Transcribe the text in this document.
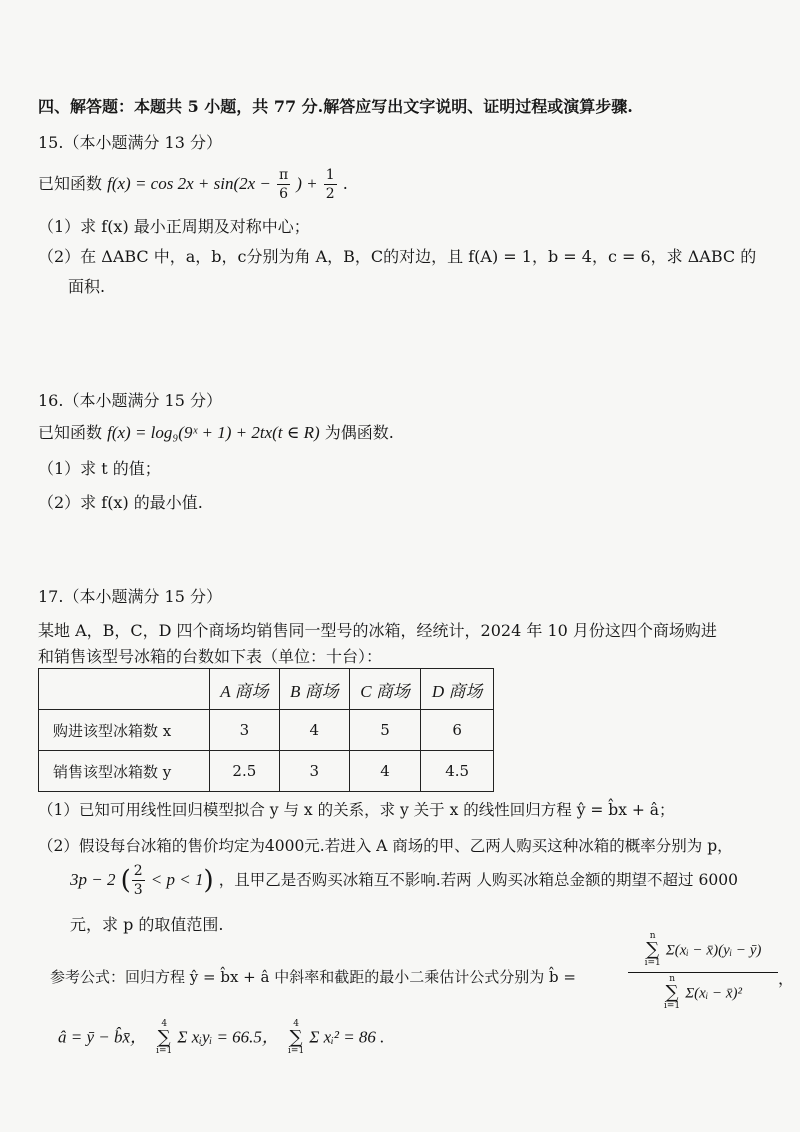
四、解答题：本题共 5 小题，共 77 分.解答应写出文字说明、证明过程或演算步骤.
15.（本小题满分 13 分）
已知函数 $f(x) = \cos 2x + \sin(2x - \frac{\pi}{6}$ ) + $\frac{1}{2}$ .
（1）求 f(x) 最小正周期及对称中心；
（2）在 ΔABC 中，a，b，c分别为角 A，B，C的对边，且 f(A) = 1，b = 4，c = 6，求 ΔABC 的
面积.
16.（本小题满分 15 分）
已知函数 f(x) = log₉(9ˣ + 1) + 2tx(t ∈ R) 为偶函数.
（1）求 t 的值；
（2）求 f(x) 的最小值.
17.（本小题满分 15 分）
某地 A，B，C，D 四个商场均销售同一型号的冰箱，经统计，2024 年 10 月份这四个商场购进
和销售该型号冰箱的台数如下表（单位：十台）：
	A 商场	B 商场	C 商场	D 商场
购进该型冰箱数 x	3	4	5	6
销售该型冰箱数 y	2.5	3	4	4.5
（1）已知可用线性回归模型拟合 y 与 x 的关系，求 y 关于 x 的线性回归方程 ŷ = b̂x + â；
（2）假设每台冰箱的售价均定为4000元.若进入 A 商场的甲、乙两人购买这种冰箱的概率分别为 p，
3p − 2 ( $\frac{2}{3} < p < 1$) ，且甲乙是否购买冰箱互不影响.若两 人购买冰箱总金额的期望不超过 6000
元，求 p 的取值范围.
参考公式：回归方程 ŷ = b̂x + â 中斜率和截距的最小二乘估计公式分别为 b̂ =
n
∑
i=1 Σ(xᵢ − x̄)(yᵢ − ȳ)
n
∑
i=1 Σ(xᵢ − x̄)²
，
â = ȳ − b̂x̄， 4
∑
i=1 Σ xᵢyᵢ = 66.5， 4
∑
i=1 Σ xᵢ² = 86 .
